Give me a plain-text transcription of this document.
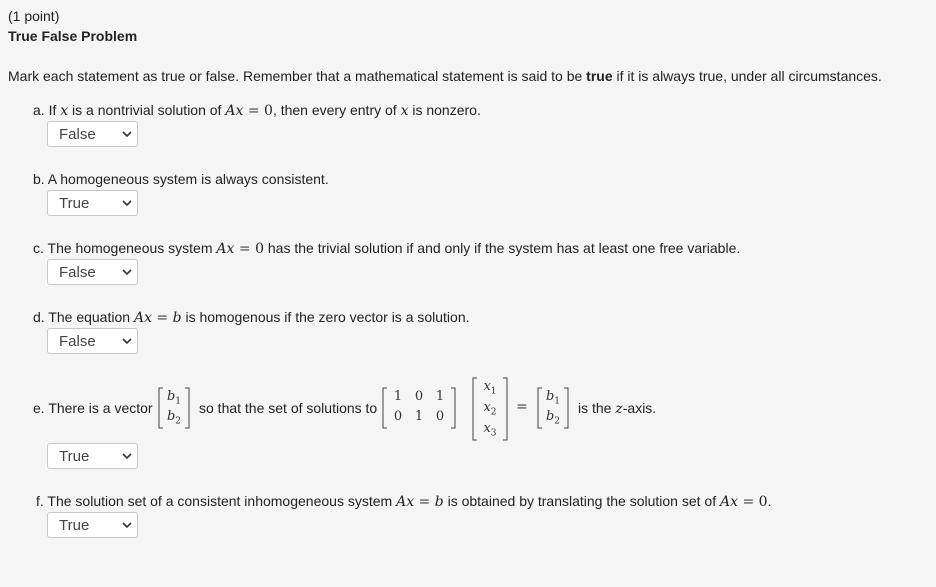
(1 point)
True False Problem
Mark each statement as true or false. Remember that a mathematical statement is said to be true if it is always true, under all circumstances.
a. If x is a nontrivial solution of Ax = 0, then every entry of x is nonzero.
False
b. A homogeneous system is always consistent.
True
c. The homogeneous system Ax = 0 has the trivial solution if and only if the system has at least one free variable.
False
d. The equation Ax = b is homogenous if the zero vector is a solution.
False
e. There is a vector
$b_1$
$b_2$
so that the set of solutions to
1 0 1
0 1 0
$x_1$
$x_2$
$x_3$
=
$b_1$
$b_2$
is the z-axis.
True
f. The solution set of a consistent inhomogeneous system Ax = b is obtained by translating the solution set of Ax = 0.
True
